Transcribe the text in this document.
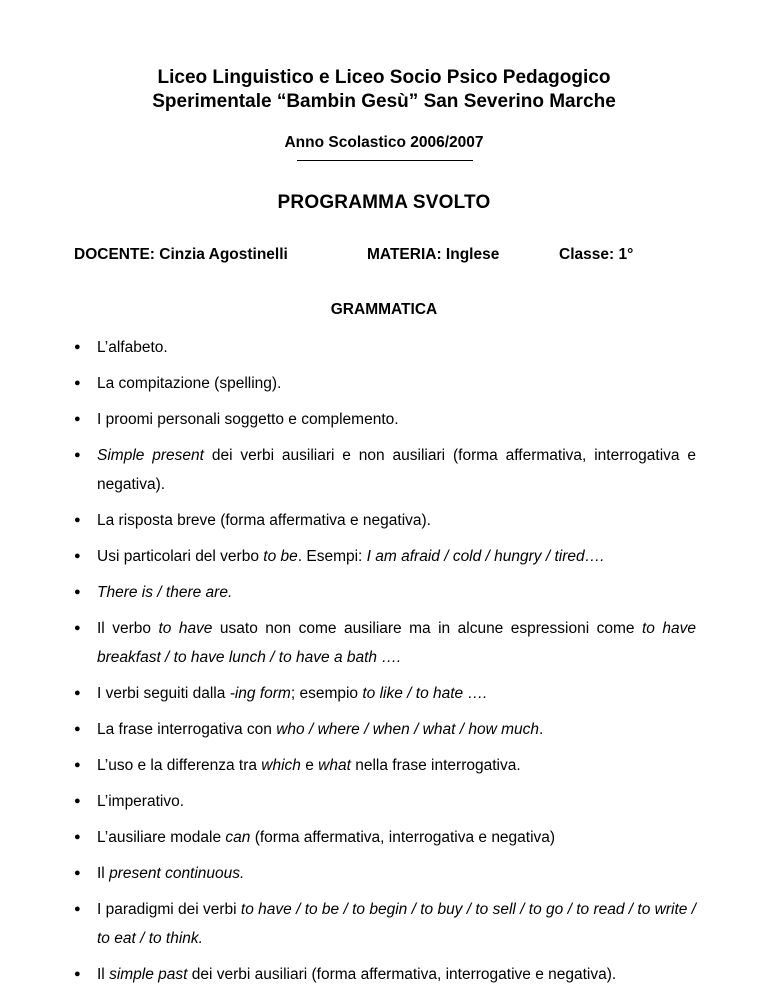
Liceo Linguistico e Liceo Socio Psico Pedagogico
Sperimentale “Bambin Gesù” San Severino Marche
Anno Scolastico 2006/2007
PROGRAMMA SVOLTO
DOCENTE: Cinzia Agostinelli	MATERIA: Inglese	Classe: 1°
GRAMMATICA
● L’alfabeto.
● La compitazione (spelling).
● I proomi personali soggetto e complemento.
● Simple present dei verbi ausiliari e non ausiliari (forma affermativa, interrogativa e negativa).
● La risposta breve (forma affermativa e negativa).
● Usi particolari del verbo to be. Esempi: I am afraid / cold / hungry / tired….
● There is / there are.
● Il verbo to have usato non come ausiliare ma in alcune espressioni come to have breakfast / to have lunch / to have a bath ….
● I verbi seguiti dalla -ing form; esempio to like / to hate ….
● La frase interrogativa con who / where / when / what / how much.
● L’uso e la differenza tra which e what nella frase interrogativa.
● L’imperativo.
● L’ausiliare modale can (forma affermativa, interrogativa e negativa)
● Il present continuous.
● I paradigmi dei verbi to have / to be / to begin / to buy / to sell / to go / to read / to write / to eat / to think.
● Il simple past dei verbi ausiliari (forma affermativa, interrogative e negativa).
